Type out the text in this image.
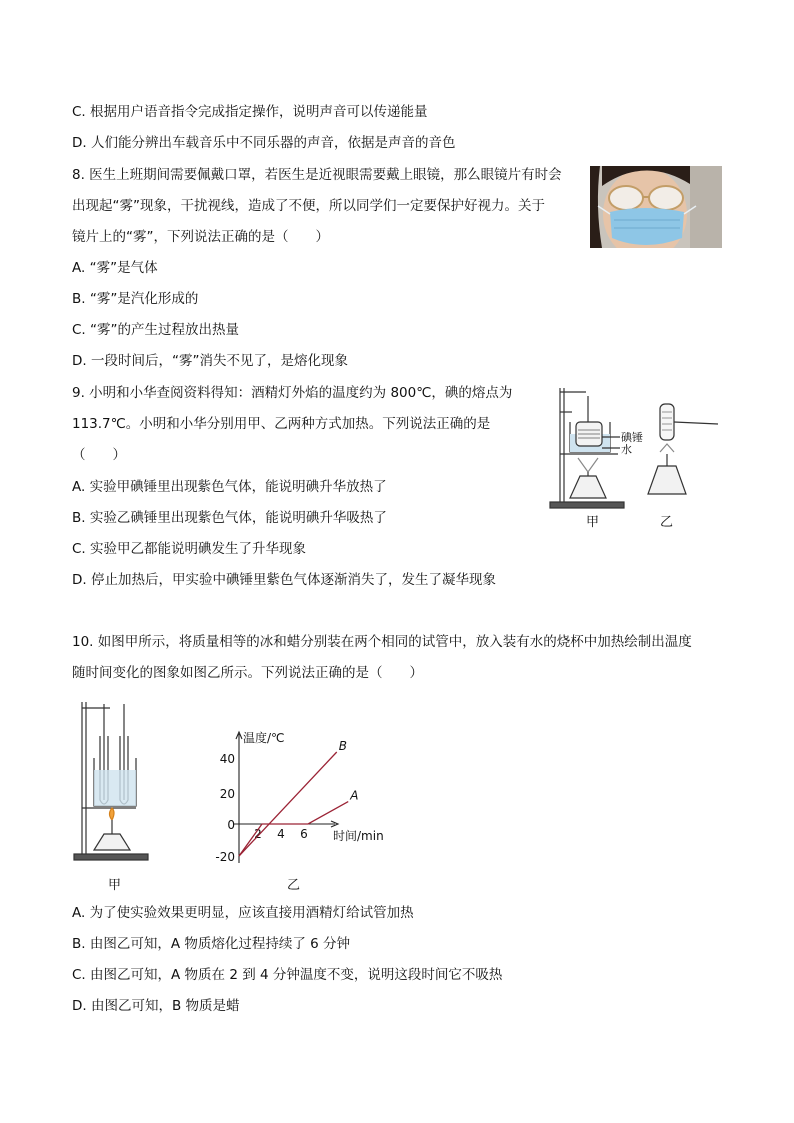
C. 根据用户语音指令完成指定操作，说明声音可以传递能量
D. 人们能分辨出车载音乐中不同乐器的声音，依据是声音的音色
8. 医生上班期间需要佩戴口罩，若医生是近视眼需要戴上眼镜，那么眼镜片有时会
出现起“雾”现象，干扰视线，造成了不便，所以同学们一定要保护好视力。关于
镜片上的“雾”，下列说法正确的是（　　）
A. “雾”是气体
B. “雾”是汽化形成的
C. “雾”的产生过程放出热量
D. 一段时间后，“雾”消失不见了，是熔化现象
9. 小明和小华查阅资料得知：酒精灯外焰的温度约为 800℃，碘的熔点为
113.7℃。小明和小华分别用甲、乙两种方式加热。下列说法正确的是
（　　）
A. 实验甲碘锤里出现紫色气体，能说明碘升华放热了
B. 实验乙碘锤里出现紫色气体，能说明碘升华吸热了
C. 实验甲乙都能说明碘发生了升华现象
D. 停止加热后，甲实验中碘锤里紫色气体逐渐消失了，发生了凝华现象
碘锤
水
甲	乙
10. 如图甲所示，将质量相等的冰和蜡分别装在两个相同的试管中，放入装有水的烧杯中加热绘制出温度
随时间变化的图象如图乙所示。下列说法正确的是（　　）
甲
温度/℃
时间/min
40
20
0
-20
2 4 6
A
B
乙
A. 为了使实验效果更明显，应该直接用酒精灯给试管加热
B. 由图乙可知，A 物质熔化过程持续了 6 分钟
C. 由图乙可知，A 物质在 2 到 4 分钟温度不变，说明这段时间它不吸热
D. 由图乙可知，B 物质是蜡
